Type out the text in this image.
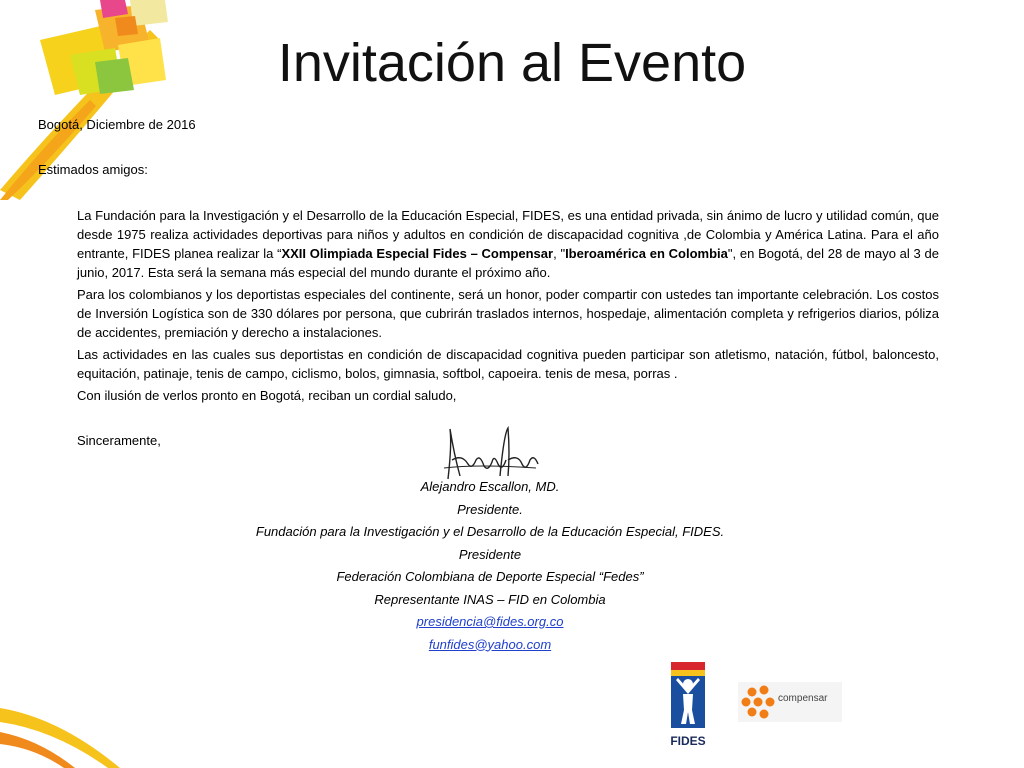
Invitación al Evento

Bogotá, Diciembre de 2016

Estimados amigos:

La Fundación para la Investigación y el Desarrollo de la Educación Especial, FIDES, es una entidad privada, sin ánimo de lucro y utilidad común, que desde 1975 realiza actividades deportivas para niños y adultos en condición de discapacidad cognitiva ,de Colombia y América Latina. Para el año entrante, FIDES planea realizar la “XXII Olimpiada Especial Fides – Compensar, "Iberoamérica en Colombia", en Bogotá, del 28 de mayo al 3 de junio, 2017. Esta será la semana más especial del mundo durante el próximo año.

Para los colombianos y los deportistas especiales del continente, será un honor, poder compartir con ustedes tan importante celebración. Los costos de Inversión Logística son de 330 dólares por persona, que cubrirán traslados internos, hospedaje, alimentación completa y refrigerios diarios, póliza de accidentes, premiación y derecho a instalaciones.

Las actividades en las cuales sus deportistas en condición de discapacidad cognitiva pueden participar son atletismo, natación, fútbol, baloncesto, equitación, patinaje, tenis de campo, ciclismo, bolos, gimnasia, softbol, capoeira. tenis de mesa, porras .

Con ilusión de verlos pronto en Bogotá, reciban un cordial saludo,

Sinceramente,

Alejandro Escallon, MD.
Presidente.
Fundación para la Investigación y el Desarrollo de la Educación Especial, FIDES.
Presidente
Federación Colombiana de Deporte Especial “Fedes”
Representante INAS – FID en Colombia
presidencia@fides.org.co
funfides@yahoo.com
FIDES
compensar
